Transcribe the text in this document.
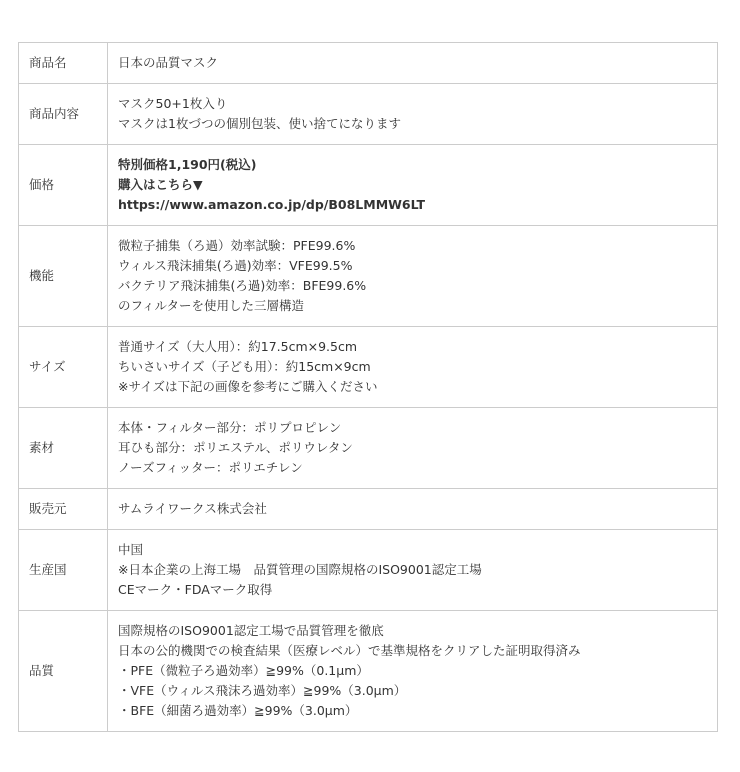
商品名	日本の品質マスク

商品内容	マスク50+1枚入り
マスクは1枚づつの個別包装、使い捨てになります

価格	特別価格1,190円(税込)
購入はこちら▼
https://www.amazon.co.jp/dp/B08LMMW6LT

機能	微粒子捕集（ろ過）効率試験：PFE99.6%
ウィルス飛沫捕集(ろ過)効率：VFE99.5%
バクテリア飛沫捕集(ろ過)効率：BFE99.6%
のフィルターを使用した三層構造

サイズ	普通サイズ（大人用）：約17.5cm×9.5cm
ちいさいサイズ（子ども用）：約15cm×9cm
※サイズは下記の画像を参考にご購入ください

素材	本体・フィルター部分：ポリプロピレン
耳ひも部分：ポリエステル、ポリウレタン
ノーズフィッター：ポリエチレン

販売元	サムライワークス株式会社

生産国	中国
※日本企業の上海工場　品質管理の国際規格のISO9001認定工場
CEマーク・FDAマーク取得

品質	国際規格のISO9001認定工場で品質管理を徹底
日本の公的機関での検査結果（医療レベル）で基準規格をクリアした証明取得済み
・PFE（微粒子ろ過効率）≧99%（0.1μm）
・VFE（ウィルス飛沫ろ過効率）≧99%（3.0μm）
・BFE（細菌ろ過効率）≧99%（3.0μm）
